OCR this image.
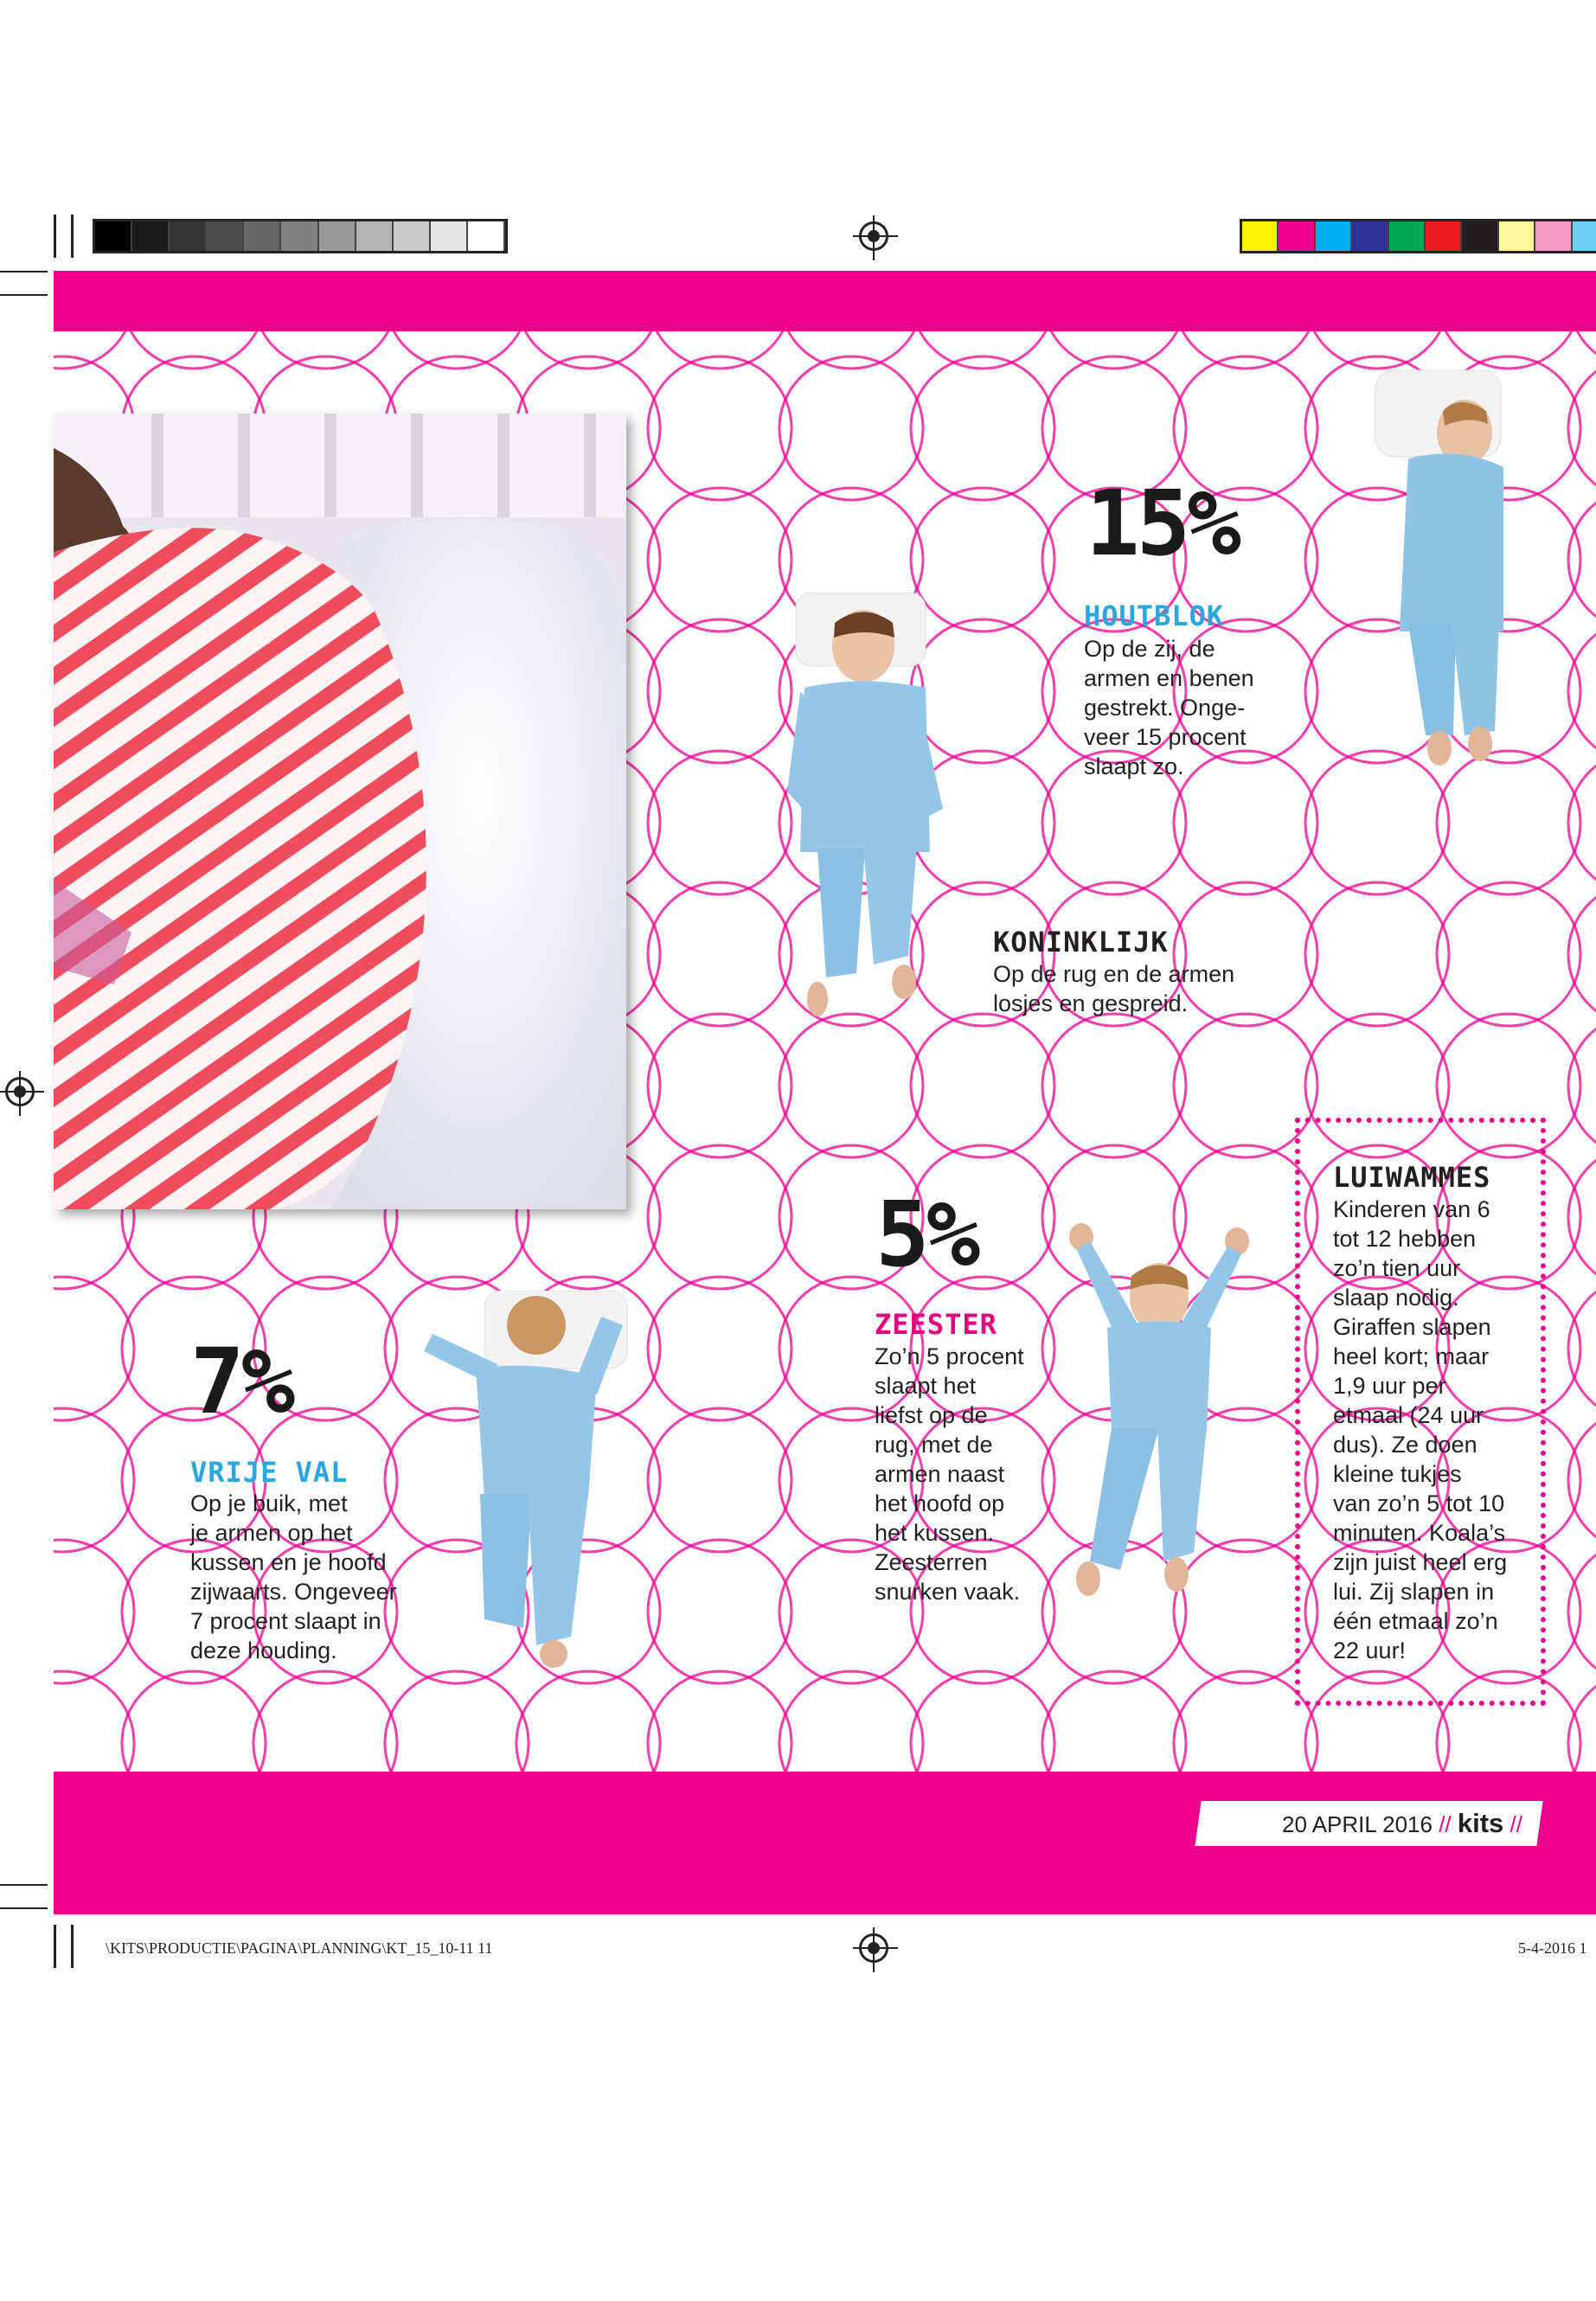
15%
HOUTBLOK
Op de zij, de
armen en benen
gestrekt. Onge-
veer 15 procent
slaapt zo.
KONINKLIJK
Op de rug en de armen
losjes en gespreid.
5%
ZEESTER
Zo’n 5 procent
slaapt het
liefst op de
rug, met de
armen naast
het hoofd op
het kussen.
Zeesterren
snurken vaak.
7%
VRIJE VAL
Op je buik, met
je armen op het
kussen en je hoofd
zijwaarts. Ongeveer
7 procent slaapt in
deze houding.
LUIWAMMES
Kinderen van 6
tot 12 hebben
zo’n tien uur
slaap nodig.
Giraffen slapen
heel kort; maar
1,9 uur per
etmaal (24 uur
dus). Ze doen
kleine tukjes
van zo’n 5 tot 10
minuten. Koala’s
zijn juist heel erg
lui. Zij slapen in
één etmaal zo’n
22 uur!
20 APRIL 2016 // kits //
\KITS\PRODUCTIE\PAGINA\PLANNING\KT_15_10-11 11	5-4-2016 1
